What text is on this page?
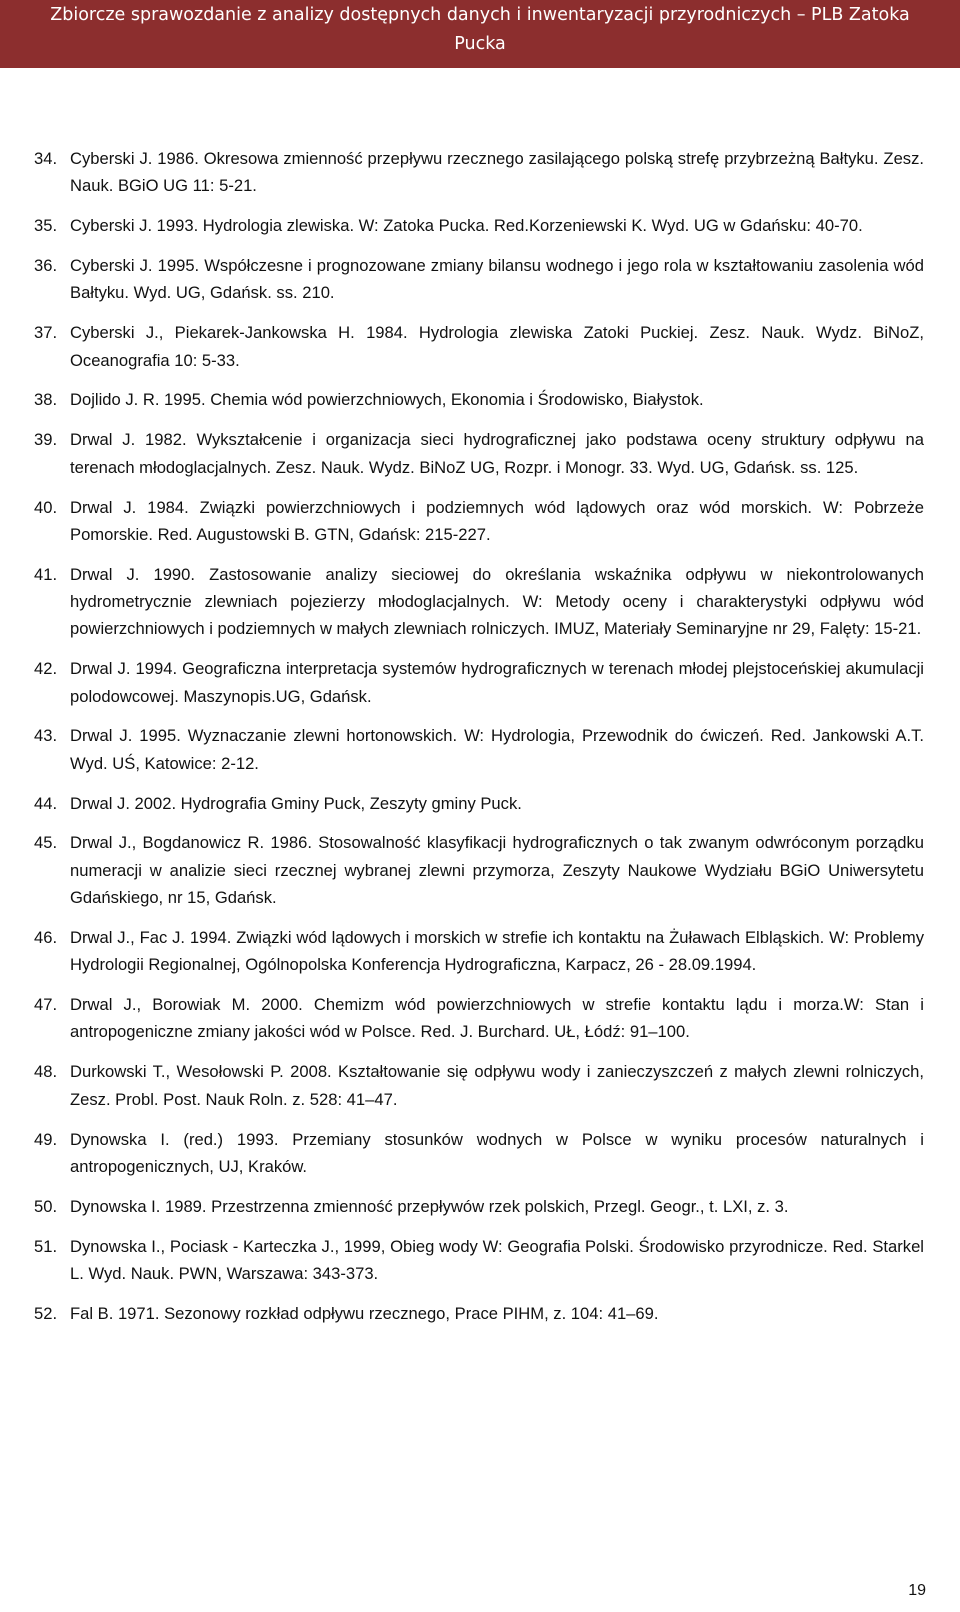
Zbiorcze sprawozdanie z analizy dostępnych danych i inwentaryzacji przyrodniczych – PLB Zatoka
Pucka
34. Cyberski J. 1986. Okresowa zmienność przepływu rzecznego zasilającego polską strefę przybrzeżną Bałtyku. Zesz. Nauk. BGiO UG 11: 5-21.
35. Cyberski J. 1993. Hydrologia zlewiska. W: Zatoka Pucka. Red.Korzeniewski K. Wyd. UG w Gdańsku: 40-70.
36. Cyberski J. 1995. Współczesne i prognozowane zmiany bilansu wodnego i jego rola w kształtowaniu zasolenia wód Bałtyku. Wyd. UG, Gdańsk. ss. 210.
37. Cyberski J., Piekarek-Jankowska H. 1984. Hydrologia zlewiska Zatoki Puckiej. Zesz. Nauk. Wydz. BiNoZ, Oceanografia 10: 5-33.
38. Dojlido J. R. 1995. Chemia wód powierzchniowych, Ekonomia i Środowisko, Białystok.
39. Drwal J. 1982. Wykształcenie i organizacja sieci hydrograficznej jako podstawa oceny struktury odpływu na terenach młodoglacjalnych. Zesz. Nauk. Wydz. BiNoZ UG, Rozpr. i Monogr. 33. Wyd. UG, Gdańsk. ss. 125.
40. Drwal J. 1984. Związki powierzchniowych i podziemnych wód lądowych oraz wód morskich. W: Pobrzeże Pomorskie. Red. Augustowski B. GTN, Gdańsk: 215-227.
41. Drwal J. 1990. Zastosowanie analizy sieciowej do określania wskaźnika odpływu w niekontrolowanych hydrometrycznie zlewniach pojezierzy młodoglacjalnych. W: Metody oceny i charakterystyki odpływu wód powierzchniowych i podziemnych w małych zlewniach rolniczych. IMUZ, Materiały Seminaryjne nr 29, Falęty: 15-21.
42. Drwal J. 1994. Geograficzna interpretacja systemów hydrograficznych w terenach młodej plejstoceńskiej akumulacji polodowcowej. Maszynopis.UG, Gdańsk.
43. Drwal J. 1995. Wyznaczanie zlewni hortonowskich. W: Hydrologia, Przewodnik do ćwiczeń. Red. Jankowski A.T. Wyd. UŚ, Katowice: 2-12.
44. Drwal J. 2002. Hydrografia Gminy Puck, Zeszyty gminy Puck.
45. Drwal J., Bogdanowicz R. 1986. Stosowalność klasyfikacji hydrograficznych o tak zwanym odwróconym porządku numeracji w analizie sieci rzecznej wybranej zlewni przymorza, Zeszyty Naukowe Wydziału BGiO Uniwersytetu Gdańskiego, nr 15, Gdańsk.
46. Drwal J., Fac J. 1994. Związki wód lądowych i morskich w strefie ich kontaktu na Żuławach Elbląskich. W: Problemy Hydrologii Regionalnej, Ogólnopolska Konferencja Hydrograficzna, Karpacz, 26 - 28.09.1994.
47. Drwal J., Borowiak M. 2000. Chemizm wód powierzchniowych w strefie kontaktu lądu i morza.W: Stan i antropogeniczne zmiany jakości wód w Polsce. Red. J. Burchard. UŁ, Łódź: 91–100.
48. Durkowski T., Wesołowski P. 2008. Kształtowanie się odpływu wody i zanieczyszczeń z małych zlewni rolniczych, Zesz. Probl. Post. Nauk Roln. z. 528: 41–47.
49. Dynowska I. (red.) 1993. Przemiany stosunków wodnych w Polsce w wyniku procesów naturalnych i antropogenicznych, UJ, Kraków.
50. Dynowska I. 1989. Przestrzenna zmienność przepływów rzek polskich, Przegl. Geogr., t. LXI, z. 3.
51. Dynowska I., Pociask - Karteczka J., 1999, Obieg wody W: Geografia Polski. Środowisko przyrodnicze. Red. Starkel L. Wyd. Nauk. PWN, Warszawa: 343-373.
52. Fal B. 1971. Sezonowy rozkład odpływu rzecznego, Prace PIHM, z. 104: 41–69.
19
